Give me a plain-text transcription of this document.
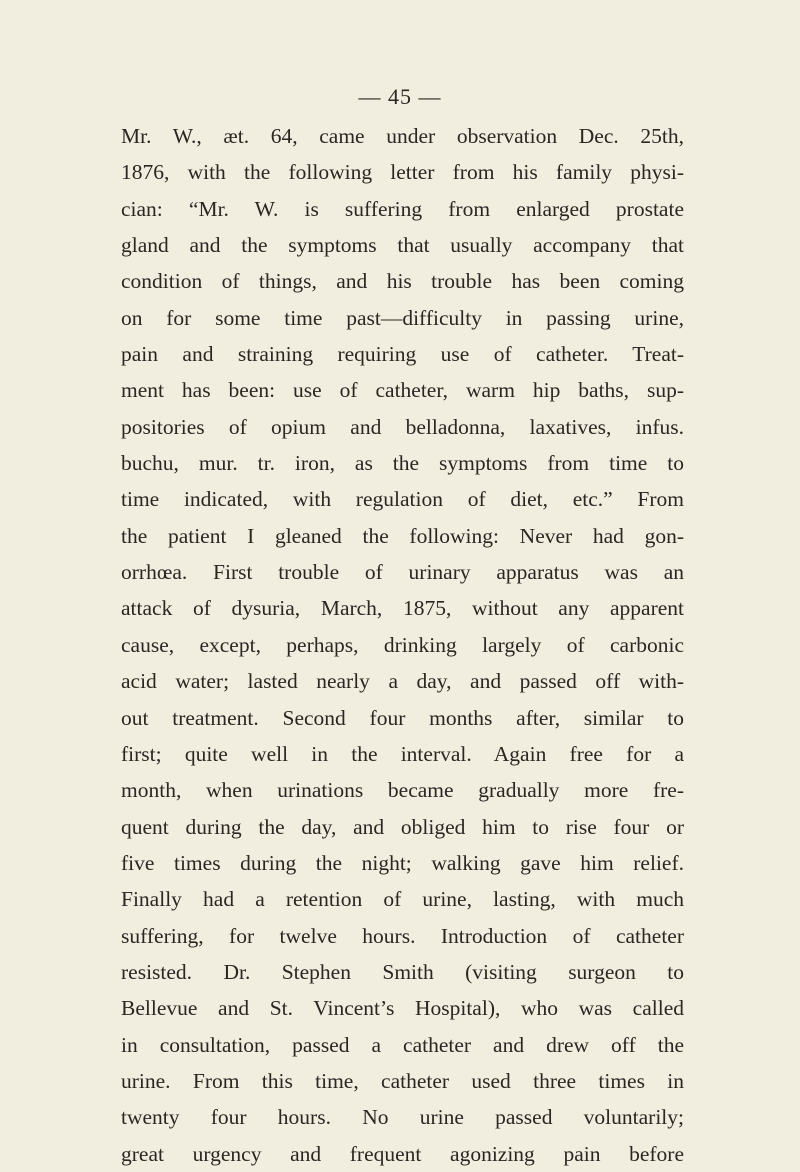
— 45 —
Mr. W., æt. 64, came under observation Dec. 25th,
1876, with the following letter from his family physi-
cian: “Mr. W. is suffering from enlarged prostate
gland and the symptoms that usually accompany that
condition of things, and his trouble has been coming
on for some time past—difficulty in passing urine,
pain and straining requiring use of catheter. Treat-
ment has been: use of catheter, warm hip baths, sup-
positories of opium and belladonna, laxatives, infus.
buchu, mur. tr. iron, as the symptoms from time to
time indicated, with regulation of diet, etc.” From
the patient I gleaned the following: Never had gon-
orrhœa. First trouble of urinary apparatus was an
attack of dysuria, March, 1875, without any apparent
cause, except, perhaps, drinking largely of carbonic
acid water; lasted nearly a day, and passed off with-
out treatment. Second four months after, similar to
first; quite well in the interval. Again free for a
month, when urinations became gradually more fre-
quent during the day, and obliged him to rise four or
five times during the night; walking gave him relief.
Finally had a retention of urine, lasting, with much
suffering, for twelve hours. Introduction of catheter
resisted. Dr. Stephen Smith (visiting surgeon to
Bellevue and St. Vincent’s Hospital), who was called
in consultation, passed a catheter and drew off the
urine. From this time, catheter used three times in
twenty four hours. No urine passed voluntarily;
great urgency and frequent agonizing pain before
